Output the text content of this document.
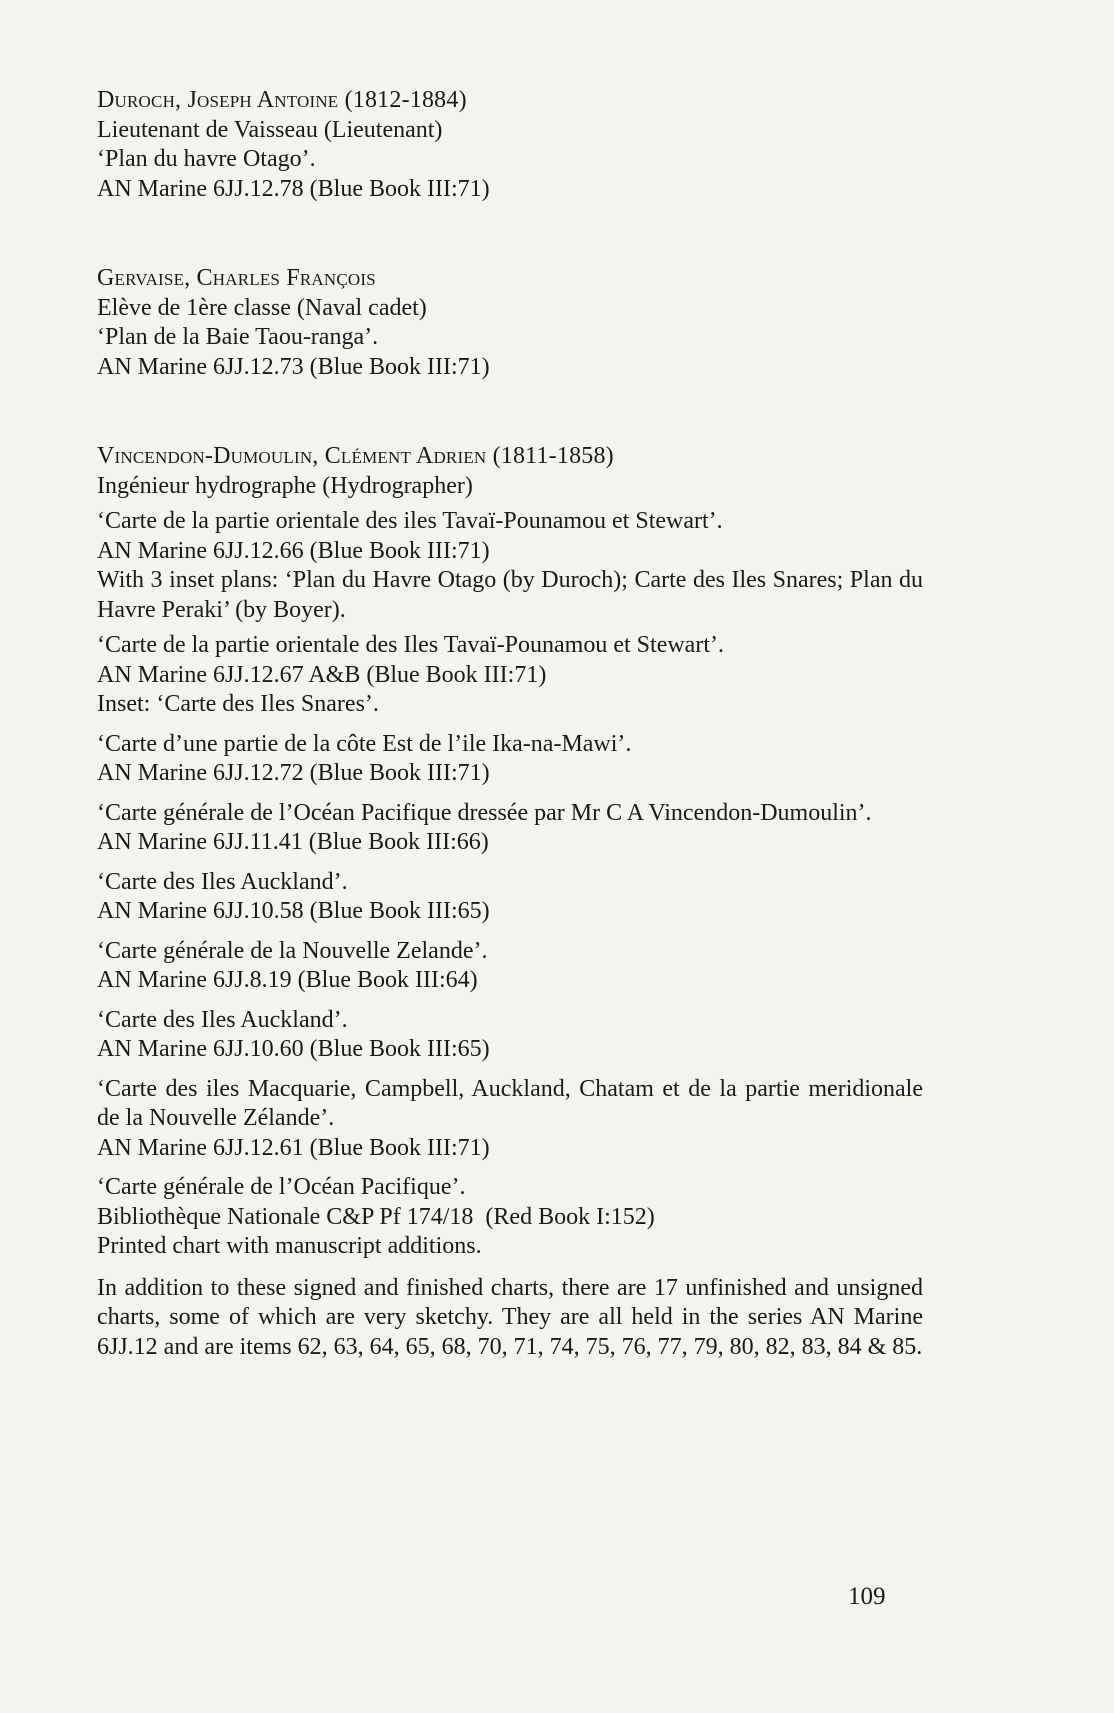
Duroch, Joseph Antoine (1812-1884)
Lieutenant de Vaisseau (Lieutenant)
‘Plan du havre Otago’.
AN Marine 6JJ.12.78 (Blue Book III:71)
Gervaise, Charles François
Elève de 1ère classe (Naval cadet)
‘Plan de la Baie Taou-ranga’.
AN Marine 6JJ.12.73 (Blue Book III:71)
Vincendon-Dumoulin, Clément Adrien (1811-1858)
Ingénieur hydrographe (Hydrographer)
‘Carte de la partie orientale des iles Tavaï-Pounamou et Stewart’.
AN Marine 6JJ.12.66 (Blue Book III:71)
With 3 inset plans: ‘Plan du Havre Otago (by Duroch); Carte des Iles Snares; Plan du Havre Peraki’ (by Boyer).
‘Carte de la partie orientale des Iles Tavaï-Pounamou et Stewart’.
AN Marine 6JJ.12.67 A&B (Blue Book III:71)
Inset: ‘Carte des Iles Snares’.
‘Carte d’une partie de la côte Est de l’ile Ika-na-Mawi’.
AN Marine 6JJ.12.72 (Blue Book III:71)
‘Carte générale de l’Océan Pacifique dressée par Mr C A Vincendon-Dumoulin’.
AN Marine 6JJ.11.41 (Blue Book III:66)
‘Carte des Iles Auckland’.
AN Marine 6JJ.10.58 (Blue Book III:65)
‘Carte générale de la Nouvelle Zelande’.
AN Marine 6JJ.8.19 (Blue Book III:64)
‘Carte des Iles Auckland’.
AN Marine 6JJ.10.60 (Blue Book III:65)
‘Carte des iles Macquarie, Campbell, Auckland, Chatam et de la partie meridionale de la Nouvelle Zélande’.
AN Marine 6JJ.12.61 (Blue Book III:71)
‘Carte générale de l’Océan Pacifique’.
Bibliothèque Nationale C&P Pf 174/18 (Red Book I:152)
Printed chart with manuscript additions.
In addition to these signed and finished charts, there are 17 unfinished and unsigned charts, some of which are very sketchy. They are all held in the series AN Marine 6JJ.12 and are items 62, 63, 64, 65, 68, 70, 71, 74, 75, 76, 77, 79, 80, 82, 83, 84 & 85.
109
